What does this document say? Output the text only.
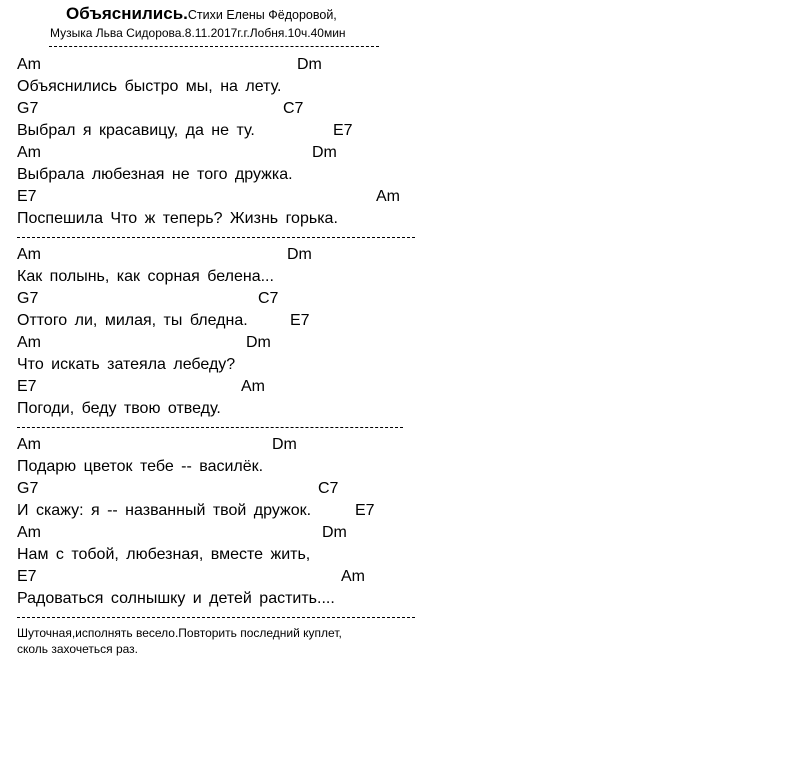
Объяснились.Стихи Елены Фёдоровой,
Музыка Льва Сидорова.8.11.2017г.г.Лобня.10ч.40мин
Am	Dm
Объяснились быстро мы, на лету.
G7	C7
Выбрал я красавицу, да не ту.	E7
Am	Dm
Выбрала любезная не того дружка.
E7	Am
Поспешила Что ж теперь? Жизнь горька.
Am	Dm
Как полынь, как сорная белена...
G7	C7
Оттого ли, милая, ты бледна.	E7
Am	Dm
Что искать затеяла лебеду?
E7	Am
Погоди, беду твою отведу.
Am	Dm
Подарю цветок тебе -- василёк.
G7	C7
И скажу: я -- названный твой дружок.	E7
Am	Dm
Нам с тобой, любезная, вместе жить,
E7	Am
Радоваться солнышку и детей растить....
Шуточная,исполнять весело.Повторить последний куплет,
сколь захочеться раз.
